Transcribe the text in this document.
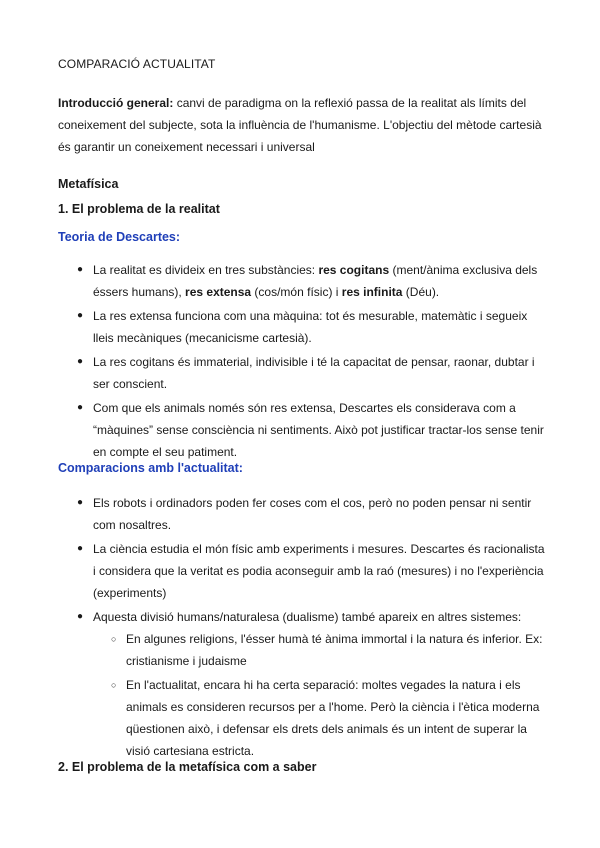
COMPARACIÓ ACTUALITAT
Introducció general: canvi de paradigma on la reflexió passa de la realitat als límits del coneixement del subjecte, sota la influència de l'humanisme. L'objectiu del mètode cartesià és garantir un coneixement necessari i universal
Metafísica
1. El problema de la realitat
Teoria de Descartes:
● La realitat es divideix en tres substàncies: res cogitans (ment/ànima exclusiva dels éssers humans), res extensa (cos/món físic) i res infinita (Déu).
● La res extensa funciona com una màquina: tot és mesurable, matemàtic i segueix lleis mecàniques (mecanicisme cartesià).
● La res cogitans és immaterial, indivisible i té la capacitat de pensar, raonar, dubtar i ser conscient.
● Com que els animals només són res extensa, Descartes els considerava com a “màquines” sense consciència ni sentiments. Això pot justificar tractar-los sense tenir en compte el seu patiment.
Comparacions amb l'actualitat:
● Els robots i ordinadors poden fer coses com el cos, però no poden pensar ni sentir com nosaltres.
● La ciència estudia el món físic amb experiments i mesures. Descartes és racionalista i considera que la veritat es podia aconseguir amb la raó (mesures) i no l'experiència (experiments)
● Aquesta divisió humans/naturalesa (dualisme) també apareix en altres sistemes:
○ En algunes religions, l'ésser humà té ànima immortal i la natura és inferior. Ex: cristianisme i judaisme
○ En l'actualitat, encara hi ha certa separació: moltes vegades la natura i els animals es consideren recursos per a l'home. Però la ciència i l'ètica moderna qüestionen això, i defensar els drets dels animals és un intent de superar la visió cartesiana estricta.
2. El problema de la metafísica com a saber
